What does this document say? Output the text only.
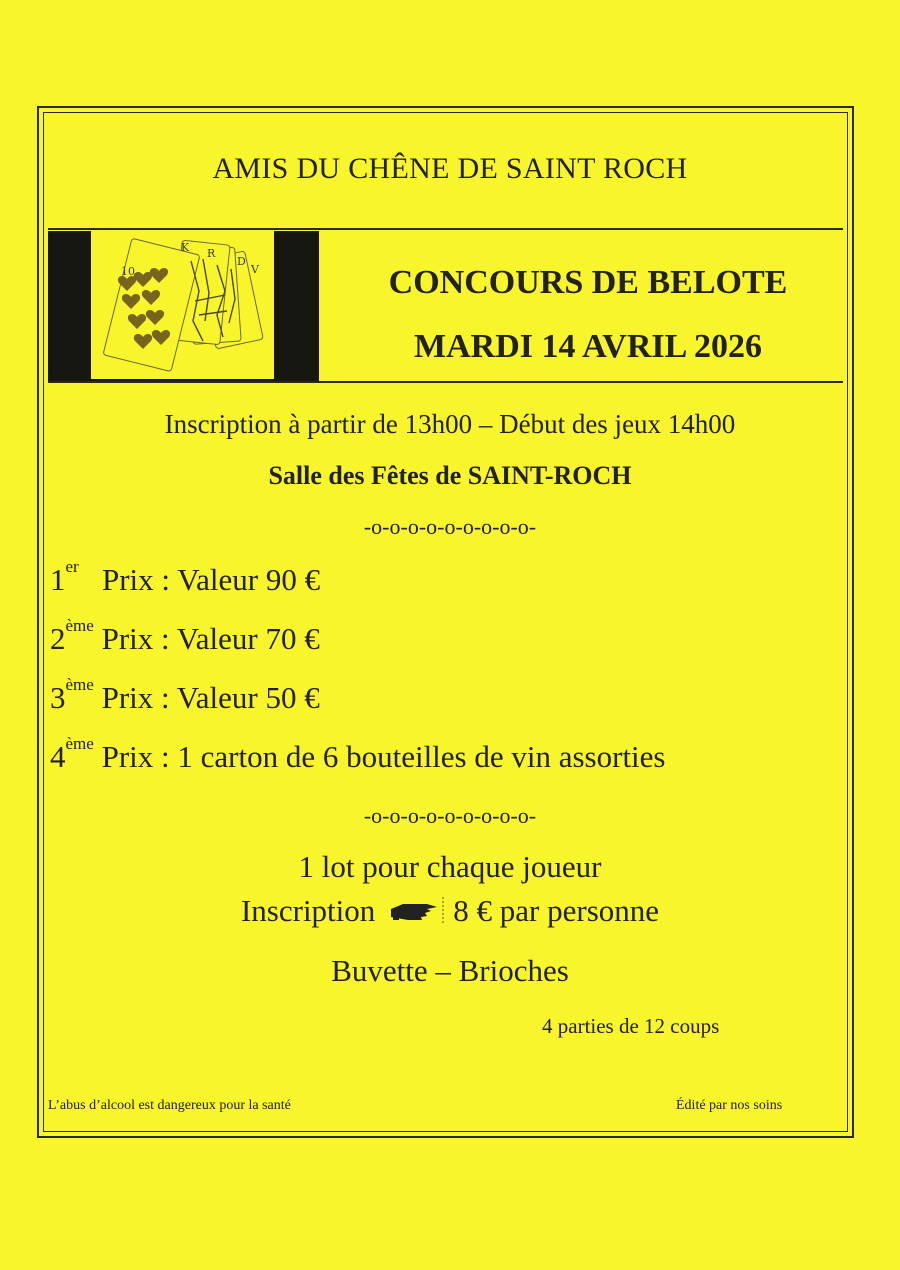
AMIS DU CHÊNE DE SAINT ROCH
10
K R
D
V	CONCOURS DE BELOTE
MARDI 14 AVRIL 2026
Inscription à partir de 13h00 – Début des jeux 14h00
Salle des Fêtes de SAINT-ROCH
-o-o-o-o-o-o-o-o-o-
1er Prix : Valeur 90 €
2ème Prix : Valeur 70 €
3ème Prix : Valeur 50 €
4ème Prix : 1 carton de 6 bouteilles de vin assorties
-o-o-o-o-o-o-o-o-o-
1 lot pour chaque joueur
Inscription	8 € par personne
Buvette – Brioches
4 parties de 12 coups
L’abus d’alcool est dangereux pour la santé	Édité par nos soins
